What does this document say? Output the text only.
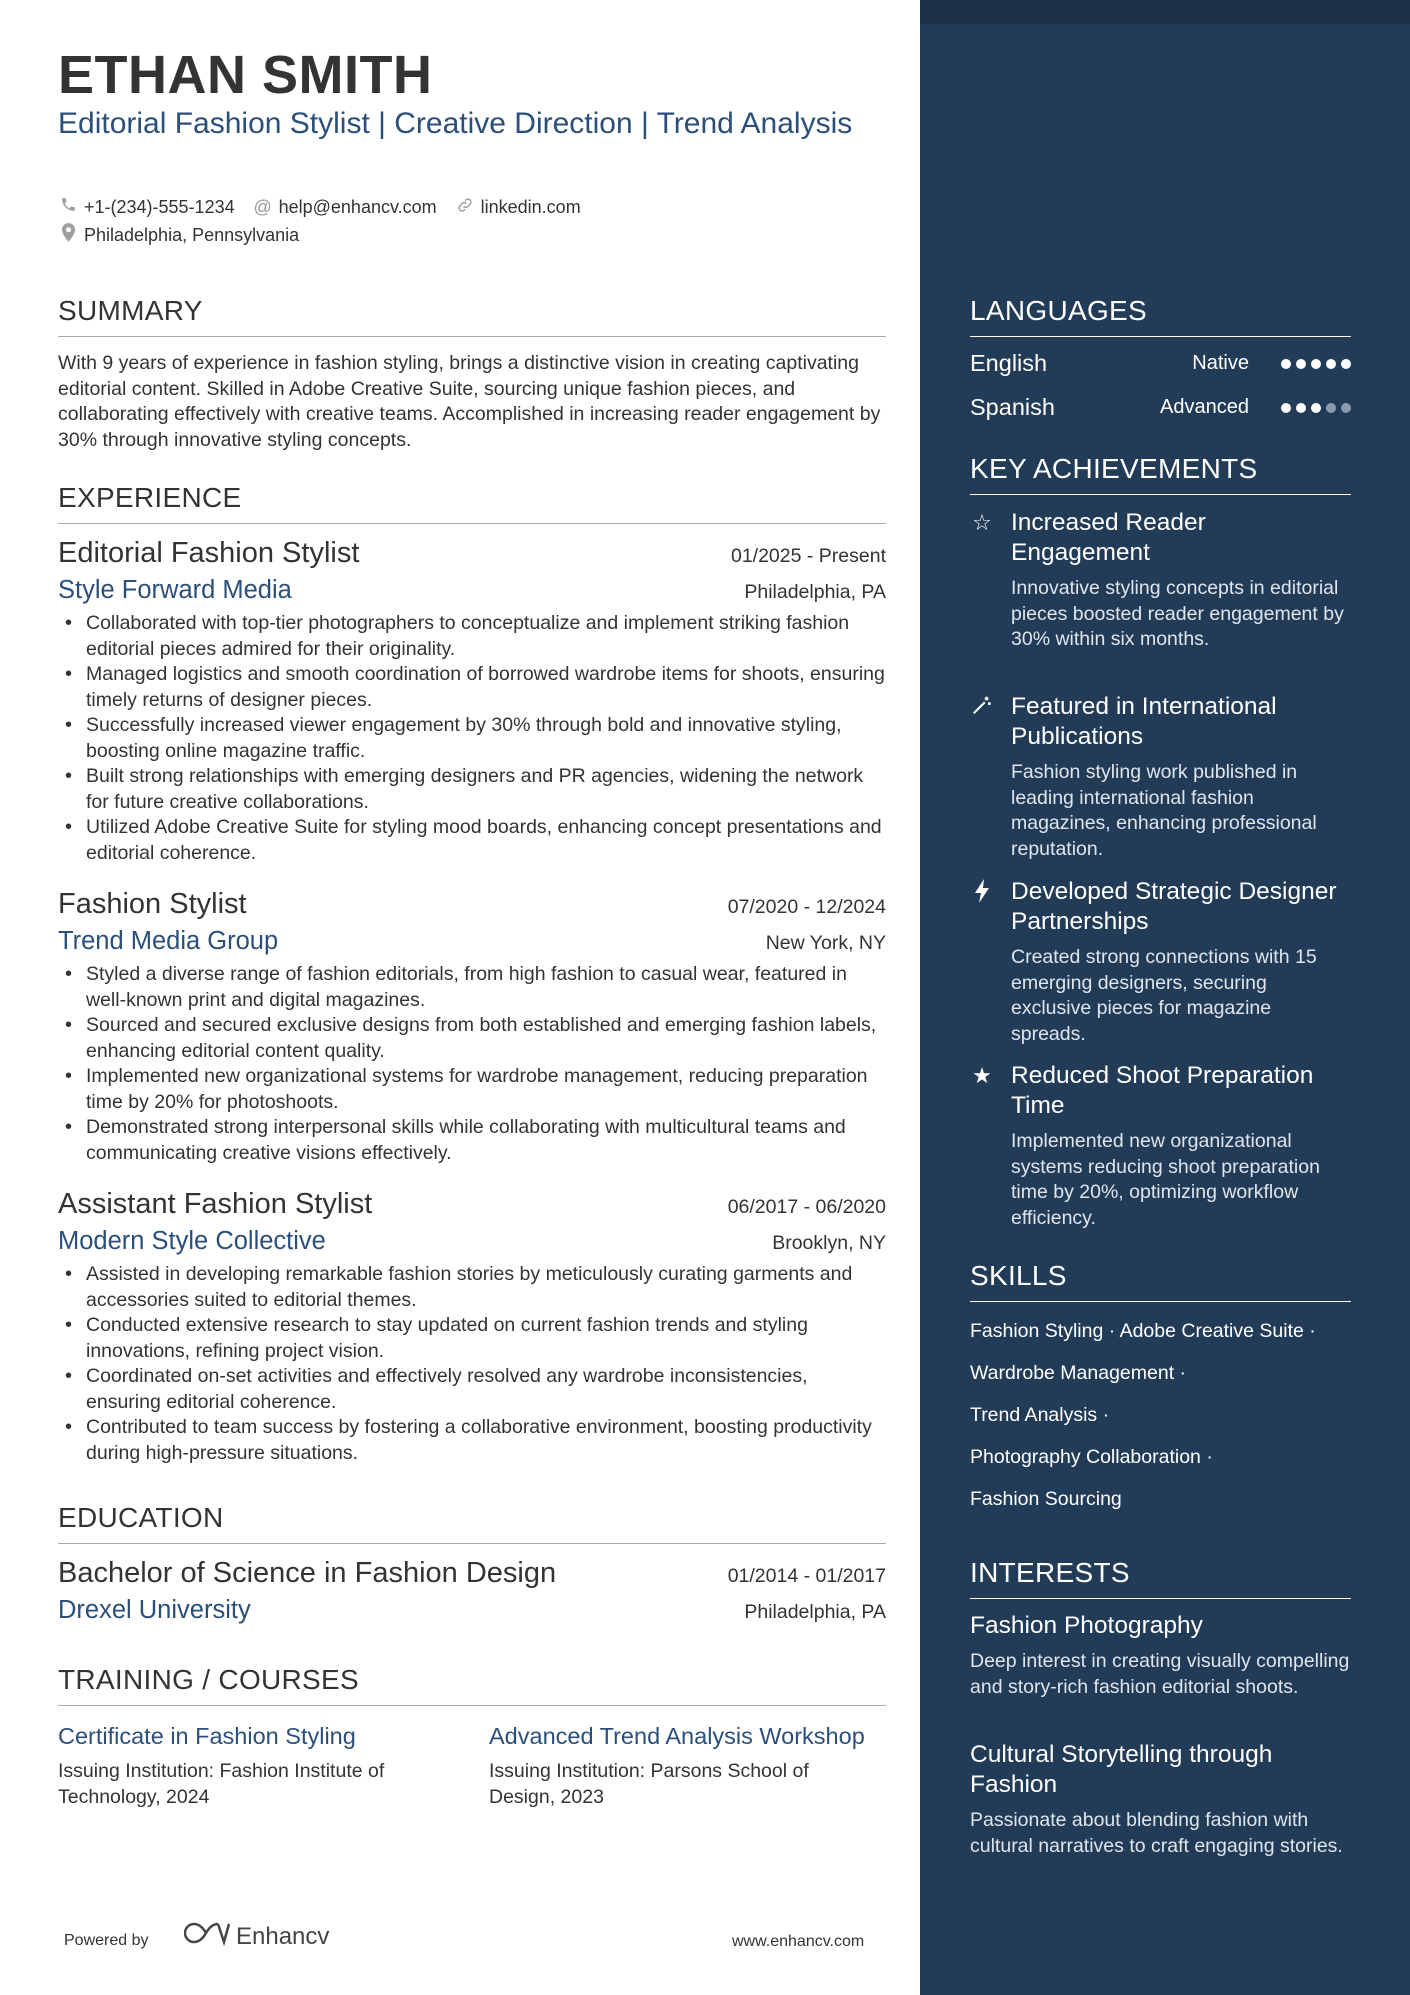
ETHAN SMITH
Editorial Fashion Stylist | Creative Direction | Trend Analysis
+1-(234)-555-1234 @ help@enhancv.com linkedin.com
Philadelphia, Pennsylvania
SUMMARY
With 9 years of experience in fashion styling, brings a distinctive vision in creating captivating editorial content. Skilled in Adobe Creative Suite, sourcing unique fashion pieces, and collaborating effectively with creative teams. Accomplished in increasing reader engagement by 30% through innovative styling concepts.
EXPERIENCE
Editorial Fashion Stylist	01/2025 - Present
Style Forward Media	Philadelphia, PA
• Collaborated with top-tier photographers to conceptualize and implement striking fashion editorial pieces admired for their originality.
• Managed logistics and smooth coordination of borrowed wardrobe items for shoots, ensuring timely returns of designer pieces.
• Successfully increased viewer engagement by 30% through bold and innovative styling, boosting online magazine traffic.
• Built strong relationships with emerging designers and PR agencies, widening the network for future creative collaborations.
• Utilized Adobe Creative Suite for styling mood boards, enhancing concept presentations and editorial coherence.
Fashion Stylist	07/2020 - 12/2024
Trend Media Group	New York, NY
• Styled a diverse range of fashion editorials, from high fashion to casual wear, featured in well-known print and digital magazines.
• Sourced and secured exclusive designs from both established and emerging fashion labels, enhancing editorial content quality.
• Implemented new organizational systems for wardrobe management, reducing preparation time by 20% for photoshoots.
• Demonstrated strong interpersonal skills while collaborating with multicultural teams and communicating creative visions effectively.
Assistant Fashion Stylist	06/2017 - 06/2020
Modern Style Collective	Brooklyn, NY
• Assisted in developing remarkable fashion stories by meticulously curating garments and accessories suited to editorial themes.
• Conducted extensive research to stay updated on current fashion trends and styling innovations, refining project vision.
• Coordinated on-set activities and effectively resolved any wardrobe inconsistencies, ensuring editorial coherence.
• Contributed to team success by fostering a collaborative environment, boosting productivity during high-pressure situations.
EDUCATION
Bachelor of Science in Fashion Design	01/2014 - 01/2017
Drexel University	Philadelphia, PA
TRAINING / COURSES
Certificate in Fashion Styling
Issuing Institution: Fashion Institute of Technology, 2024
Advanced Trend Analysis Workshop
Issuing Institution: Parsons School of Design, 2023
Powered by	Enhancv	www.enhancv.com
LANGUAGES
English	Native
Spanish	Advanced
KEY ACHIEVEMENTS
☆ Increased Reader Engagement
Innovative styling concepts in editorial pieces boosted reader engagement by 30% within six months.
Featured in International Publications
Fashion styling work published in leading international fashion magazines, enhancing professional reputation.
Developed Strategic Designer Partnerships
Created strong connections with 15 emerging designers, securing exclusive pieces for magazine spreads.
★ Reduced Shoot Preparation Time
Implemented new organizational systems reducing shoot preparation time by 20%, optimizing workflow efficiency.
SKILLS
Fashion Styling · Adobe Creative Suite ·
Wardrobe Management ·
Trend Analysis ·
Photography Collaboration ·
Fashion Sourcing
INTERESTS
Fashion Photography
Deep interest in creating visually compelling and story-rich fashion editorial shoots.
Cultural Storytelling through Fashion
Passionate about blending fashion with cultural narratives to craft engaging stories.
